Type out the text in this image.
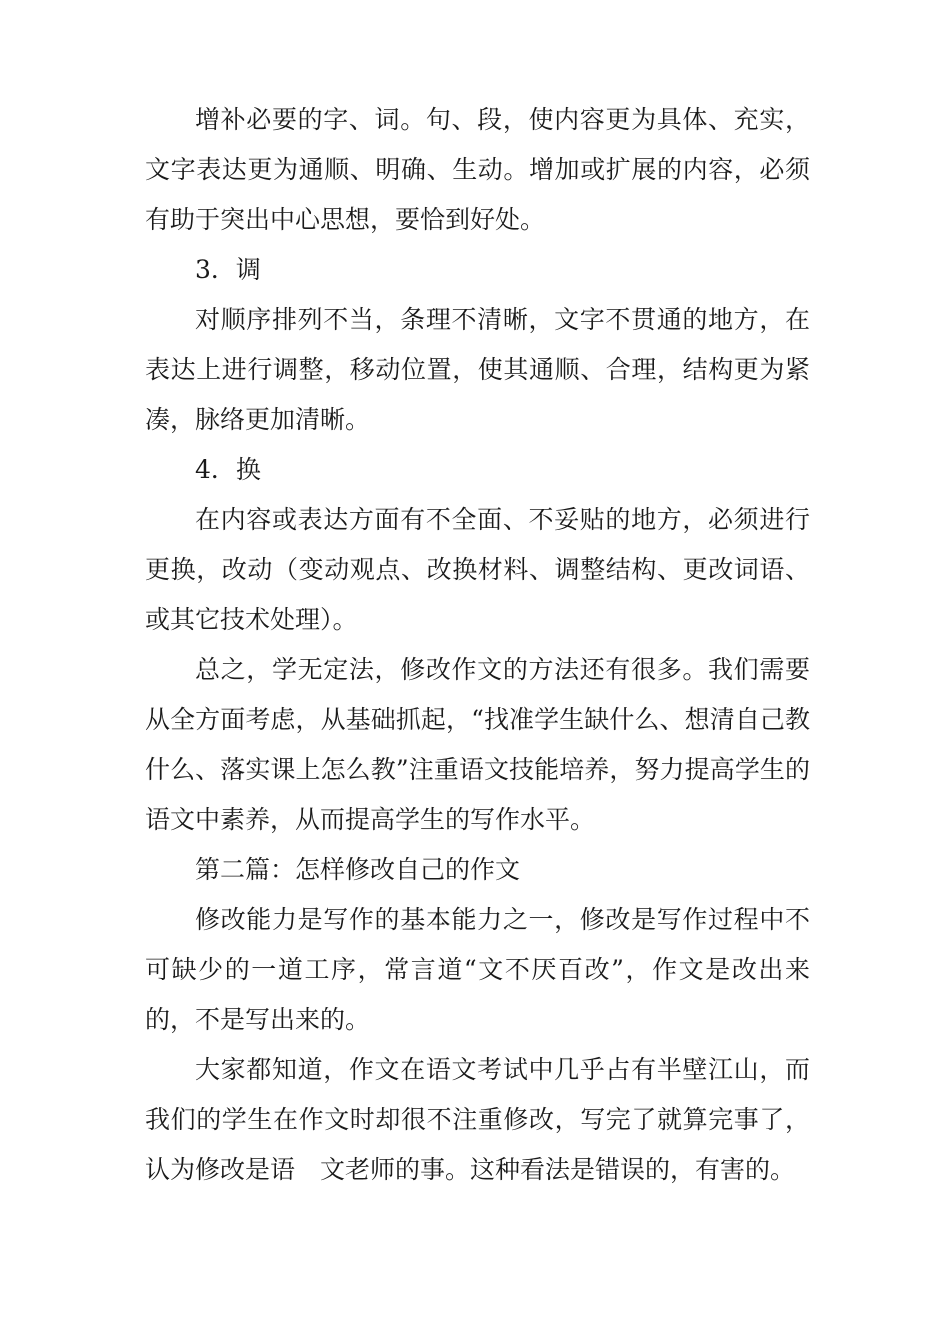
增补必要的字、词。句、段，使内容更为具体、充实，文字表达更为通顺、明确、生动。增加或扩展的内容，必须有助于突出中心思想，要恰到好处。

3．调

对顺序排列不当，条理不清晰，文字不贯通的地方，在表达上进行调整，移动位置，使其通顺、合理，结构更为紧凑，脉络更加清晰。

4．换

在内容或表达方面有不全面、不妥贴的地方，必须进行更换，改动（变动观点、改换材料、调整结构、更改词语、或其它技术处理）。

总之，学无定法，修改作文的方法还有很多。我们需要从全方面考虑，从基础抓起，“找准学生缺什么、想清自己教什么、落实课上怎么教”注重语文技能培养，努力提高学生的语文中素养，从而提高学生的写作水平。

第二篇：怎样修改自己的作文

修改能力是写作的基本能力之一，修改是写作过程中不可缺少的一道工序，常言道“文不厌百改”，作文是改出来的，不是写出来的。

大家都知道，作文在语文考试中几乎占有半壁江山，而我们的学生在作文时却很不注重修改，写完了就算完事了，认为修改是语　文老师的事。这种看法是错误的，有害的。
